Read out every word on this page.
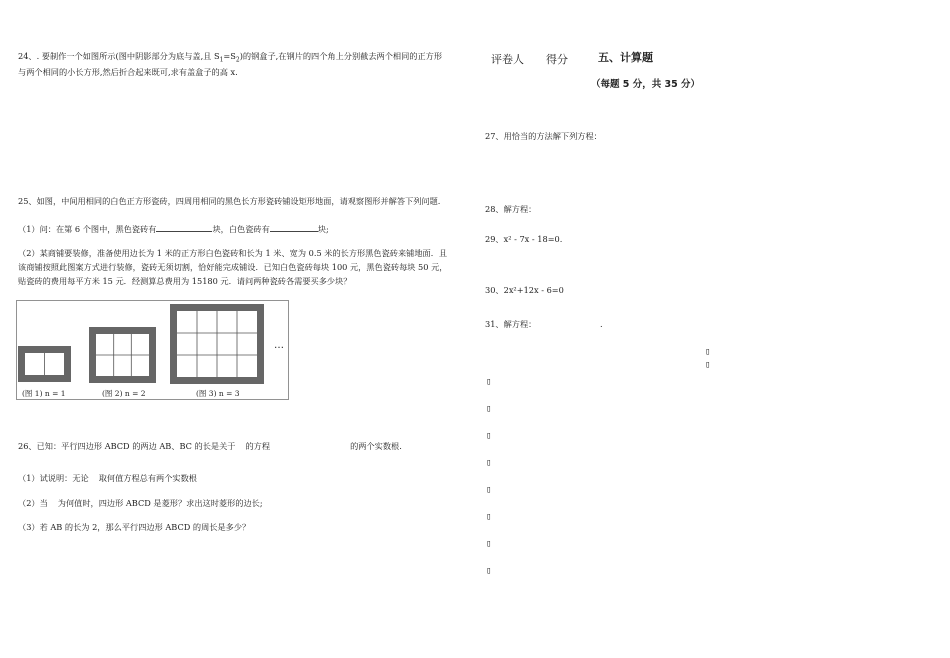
24、. 要制作一个如图所示(图中阴影部分为底与盖,且 $S_1=S_2$)的钢盒子,在钢片的四个角上分别截去两个相同的正方形
与两个相同的小长方形,然后折合起来既可,求有盖盒子的高 x.
25、如图，中间用相同的白色正方形瓷砖，四周用相同的黑色长方形瓷砖铺设矩形地面，请观察图形并解答下列问题.
（1）问：在第 6 个图中，黑色瓷砖有	块，白色瓷砖有	块;
（2）某商铺要装修，准备使用边长为 1 米的正方形白色瓷砖和长为 1 米、宽为 0.5 米的长方形黑色瓷砖来铺地面．且
该商铺按照此图案方式进行装修，瓷砖无须切割，恰好能完成铺设．已知白色瓷砖每块 100 元，黑色瓷砖每块 50 元，
贴瓷砖的费用每平方米 15 元．经测算总费用为 15180 元．请问两种瓷砖各需要买多少块？
…
(图 1) n = 1	(图 2) n = 2	(图 3) n = 3
26、已知：平行四边形 ABCD 的两边 AB、BC 的长是关于 的方程	的两个实数根.
（1）试说明：无论 取何值方程总有两个实数根
（2）当 为何值时，四边形 ABCD 是菱形？求出这时菱形的边长;
（3）若 AB 的长为 2，那么平行四边形 ABCD 的周长是多少？
评卷人 得分	五、计算题
（每题 5 分，共 35 分）
27、用恰当的方法解下列方程：
28、解方程：
29、x² - 7x - 18=0.
30、2x²+12x - 6=0
31、解方程：	.
▯
▯
▯
▯
▯
▯
▯
▯
▯
▯
